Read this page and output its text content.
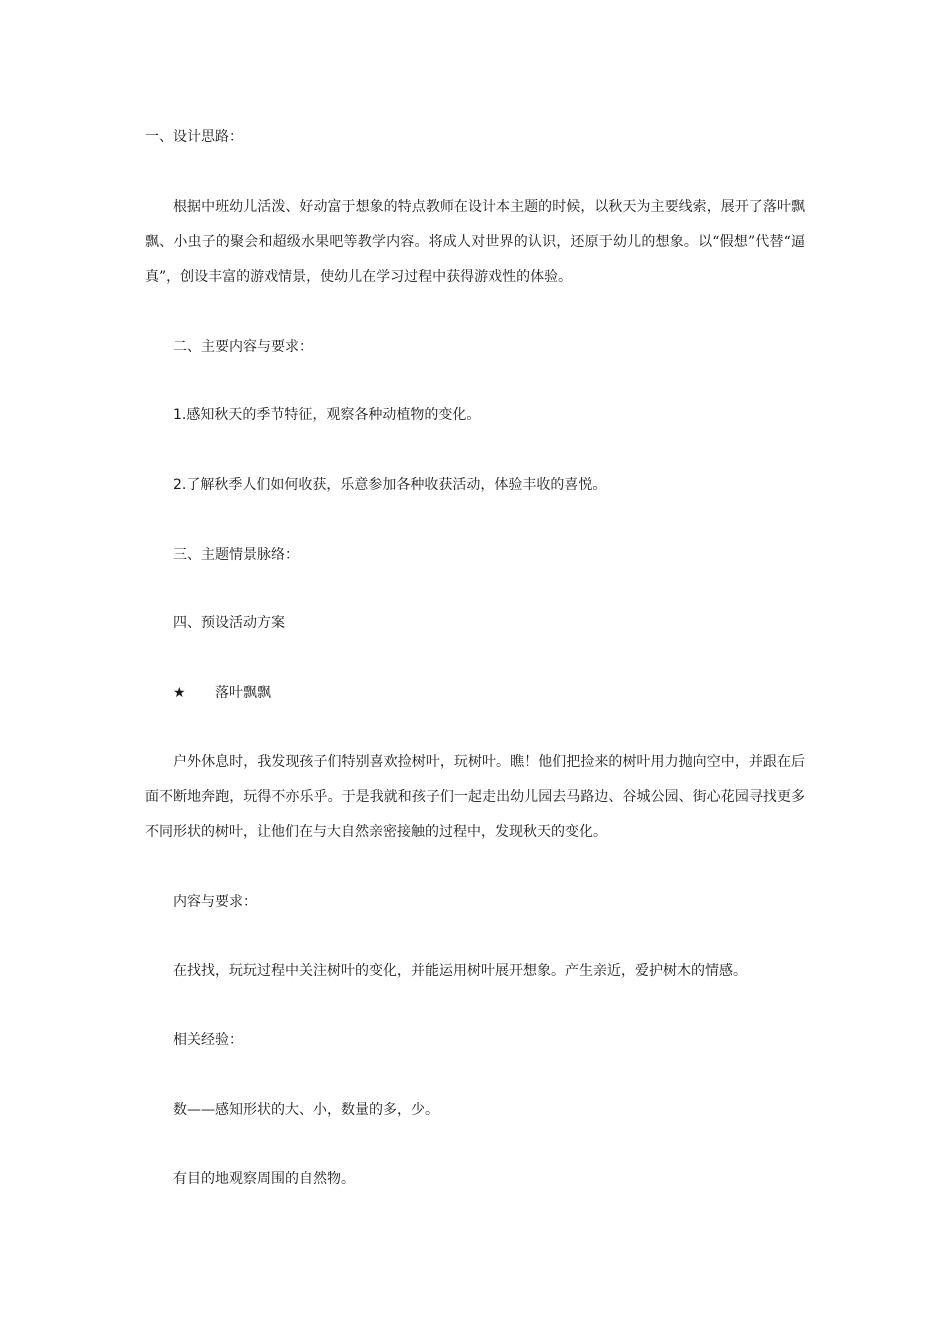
一、设计思路：
根据中班幼儿活泼、好动富于想象的特点教师在设计本主题的时候，以秋天为主要线索，展开了落叶飘飘、小虫子的聚会和超级水果吧等教学内容。将成人对世界的认识，还原于幼儿的想象。以“假想”代替“逼真”，创设丰富的游戏情景，使幼儿在学习过程中获得游戏性的体验。
二、主要内容与要求：
1.感知秋天的季节特征，观察各种动植物的变化。
2.了解秋季人们如何收获，乐意参加各种收获活动，体验丰收的喜悦。
三、主题情景脉络：
四、预设活动方案
★ 落叶飘飘
户外休息时，我发现孩子们特别喜欢捡树叶，玩树叶。瞧！他们把捡来的树叶用力抛向空中，并跟在后面不断地奔跑，玩得不亦乐乎。于是我就和孩子们一起走出幼儿园去马路边、谷城公园、街心花园寻找更多不同形状的树叶，让他们在与大自然亲密接触的过程中，发现秋天的变化。
内容与要求：
在找找，玩玩过程中关注树叶的变化，并能运用树叶展开想象。产生亲近，爱护树木的情感。
相关经验：
数——感知形状的大、小，数量的多，少。
有目的地观察周围的自然物。
